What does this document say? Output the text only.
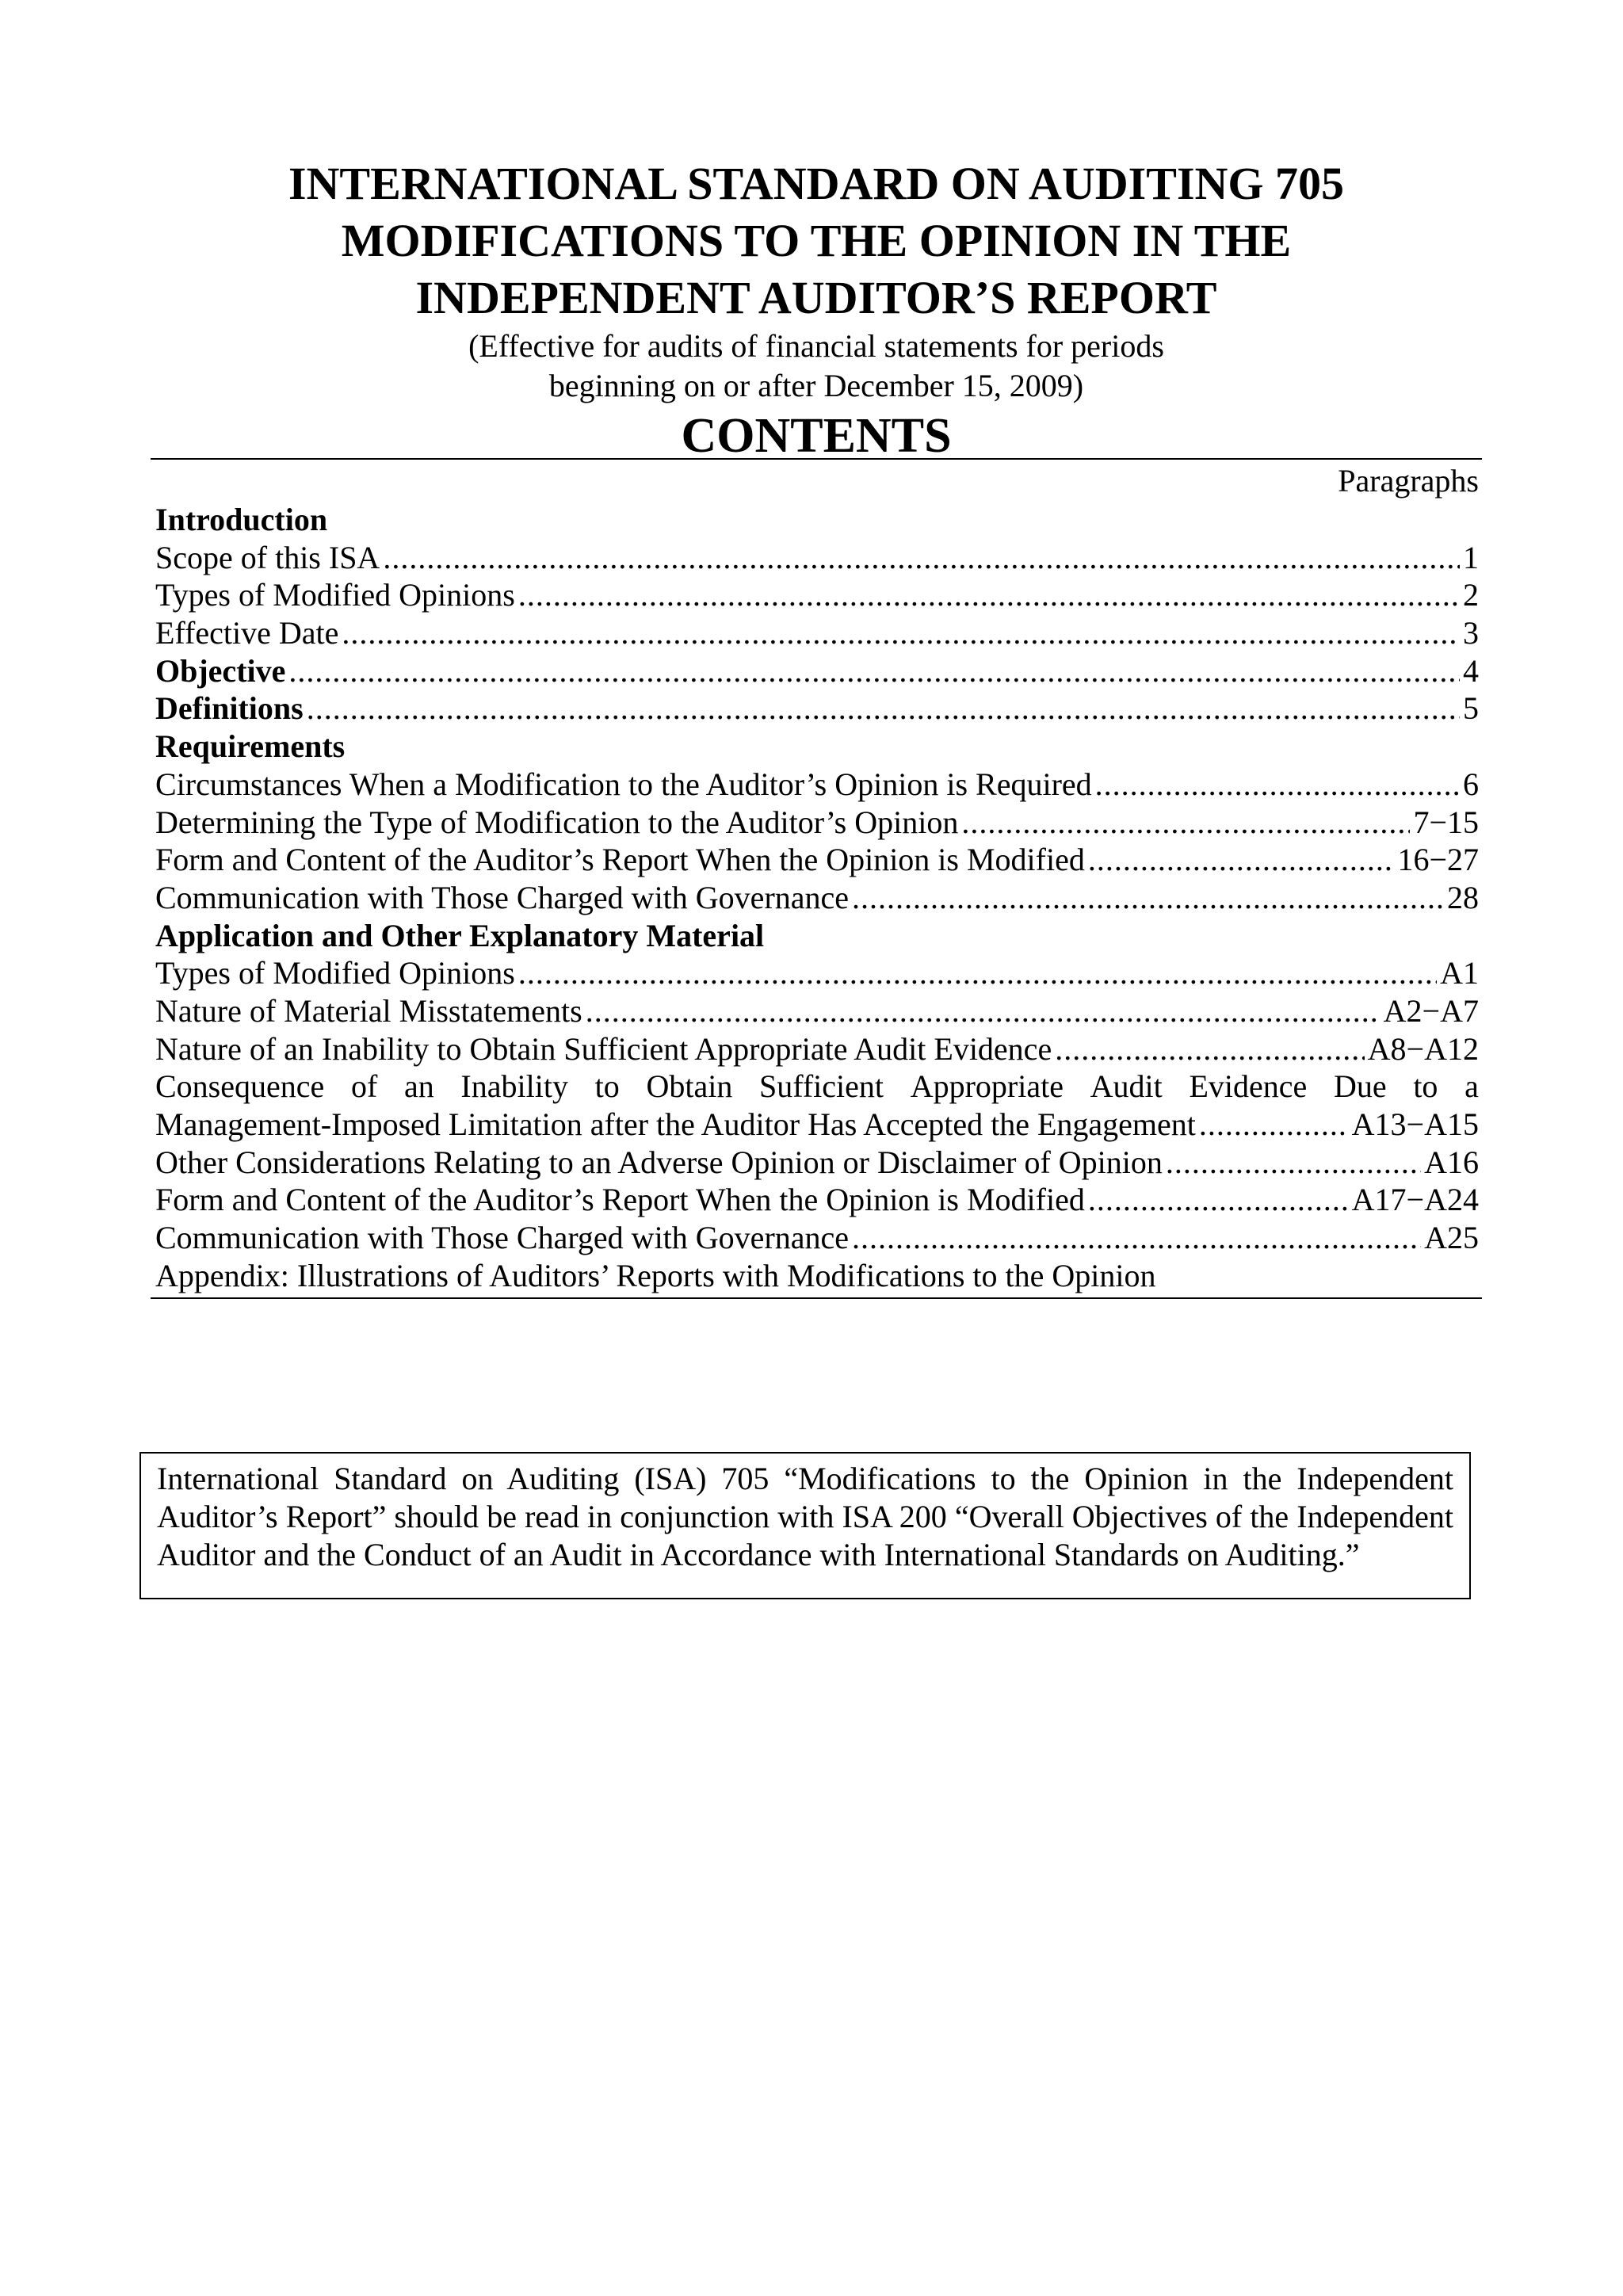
INTERNATIONAL STANDARD ON AUDITING 705

MODIFICATIONS TO THE OPINION IN THE

INDEPENDENT AUDITOR’S REPORT

(Effective for audits of financial statements for periods

beginning on or after December 15, 2009)

CONTENTS

Paragraphs

Introduction
Scope of this ISA .....	1
Types of Modified Opinions .....	2
Effective Date .....	3
Objective .....	4
Definitions .....	5
Requirements
Circumstances When a Modification to the Auditor’s Opinion is Required .....	6
Determining the Type of Modification to the Auditor’s Opinion .....	7−15
Form and Content of the Auditor’s Report When the Opinion is Modified .....	16−27
Communication with Those Charged with Governance .....	28
Application and Other Explanatory Material
Types of Modified Opinions .....	A1
Nature of Material Misstatements .....	A2−A7
Nature of an Inability to Obtain Sufficient Appropriate Audit Evidence .....	A8−A12
Consequence of an Inability to Obtain Sufficient Appropriate Audit Evidence Due to a
Management-Imposed Limitation after the Auditor Has Accepted the Engagement .....	A13−A15
Other Considerations Relating to an Adverse Opinion or Disclaimer of Opinion .....	A16
Form and Content of the Auditor’s Report When the Opinion is Modified .....	A17−A24
Communication with Those Charged with Governance .....	A25
Appendix: Illustrations of Auditors’ Reports with Modifications to the Opinion
International Standard on Auditing (ISA) 705 “Modifications to the Opinion in the Independent Auditor’s Report” should be read in conjunction with ISA 200 “Overall Objectives of the Independent Auditor and the Conduct of an Audit in Accordance with International Standards on Auditing.”
